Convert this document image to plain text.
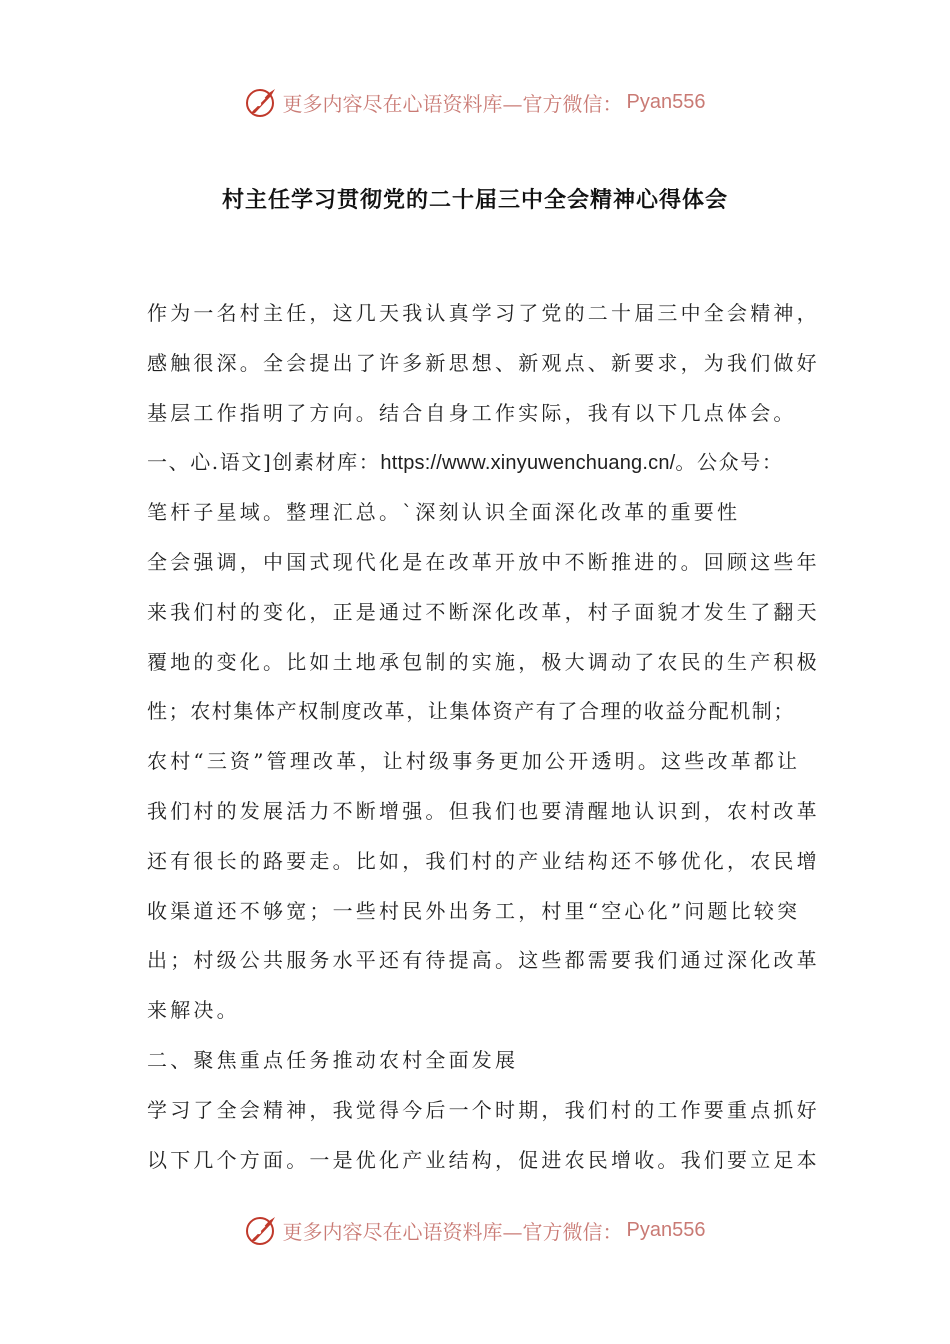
更多内容尽在心语资料库—官方微信： Pyan556
村主任学习贯彻党的二十届三中全会精神心得体会
作为一名村主任，这几天我认真学习了党的二十届三中全会精神，
感触很深。全会提出了许多新思想、新观点、新要求，为我们做好
基层工作指明了方向。结合自身工作实际，我有以下几点体会。
一、心.语文]创素材库：https://www.xinyuwenchuang.cn/。公众号：
笔杆子星域。整理汇总。`深刻认识全面深化改革的重要性
全会强调，中国式现代化是在改革开放中不断推进的。回顾这些年
来我们村的变化，正是通过不断深化改革，村子面貌才发生了翻天
覆地的变化。比如土地承包制的实施，极大调动了农民的生产积极
性；农村集体产权制度改革，让集体资产有了合理的收益分配机制；
农村“三资”管理改革，让村级事务更加公开透明。这些改革都让
我们村的发展活力不断增强。但我们也要清醒地认识到，农村改革
还有很长的路要走。比如，我们村的产业结构还不够优化，农民增
收渠道还不够宽；一些村民外出务工，村里“空心化”问题比较突
出；村级公共服务水平还有待提高。这些都需要我们通过深化改革
来解决。
二、聚焦重点任务推动农村全面发展
学习了全会精神，我觉得今后一个时期，我们村的工作要重点抓好
以下几个方面。一是优化产业结构，促进农民增收。我们要立足本
更多内容尽在心语资料库—官方微信： Pyan556
